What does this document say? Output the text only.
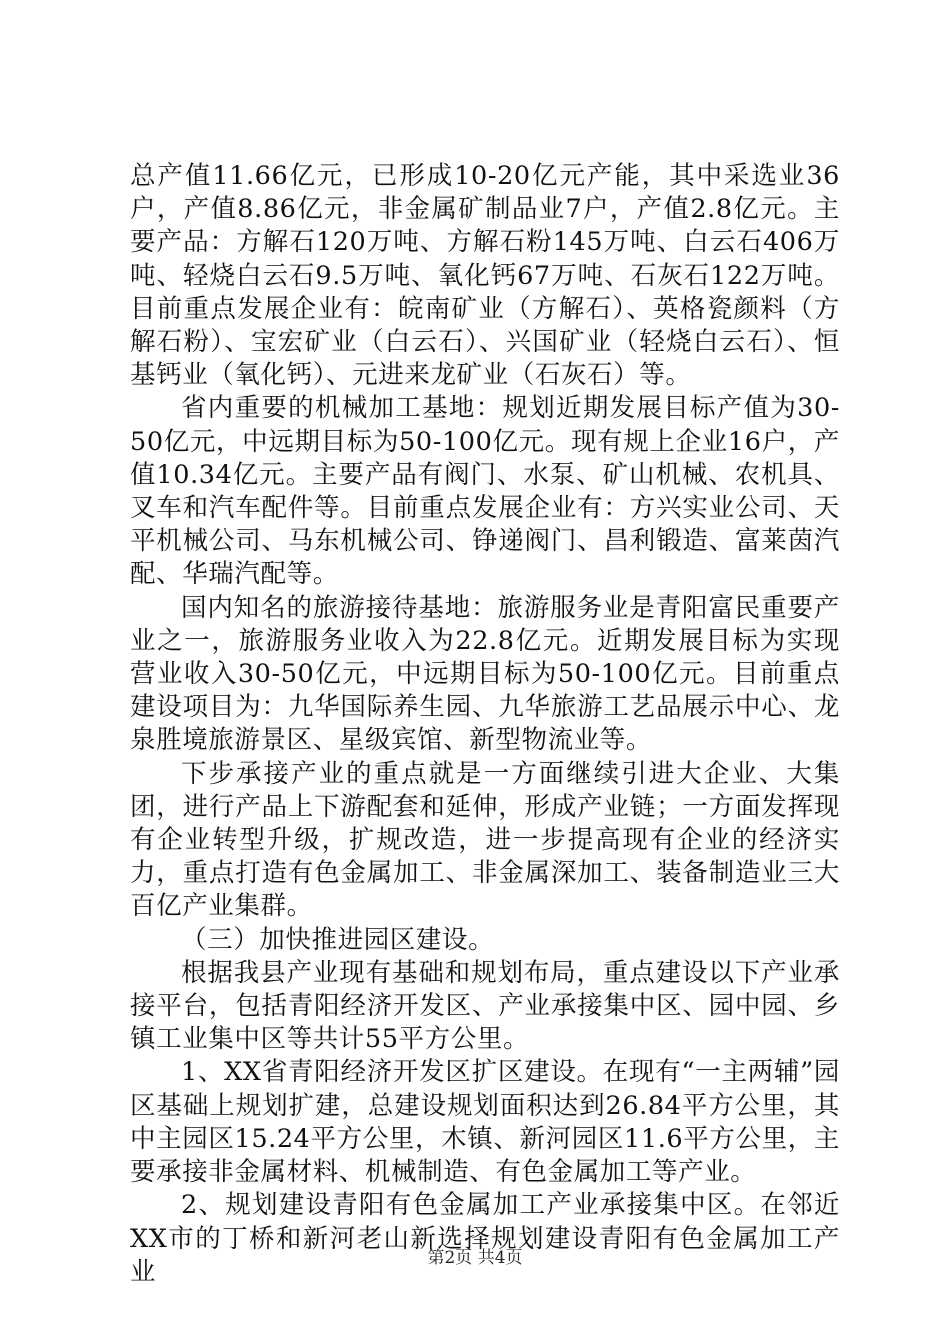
总产值11.66亿元，已形成10-20亿元产能，其中采选业36户，产值8.86亿元，非金属矿制品业7户，产值2.8亿元。主要产品：方解石120万吨、方解石粉145万吨、白云石406万吨、轻烧白云石9.5万吨、氧化钙67万吨、石灰石122万吨。目前重点发展企业有：皖南矿业（方解石）、英格瓷颜料（方解石粉）、宝宏矿业（白云石）、兴国矿业（轻烧白云石）、恒基钙业（氧化钙）、元进来龙矿业（石灰石）等。

省内重要的机械加工基地：规划近期发展目标产值为30-50亿元，中远期目标为50-100亿元。现有规上企业16户，产值10.34亿元。主要产品有阀门、水泵、矿山机械、农机具、叉车和汽车配件等。目前重点发展企业有：方兴实业公司、天平机械公司、马东机械公司、铮递阀门、昌利锻造、富莱茵汽配、华瑞汽配等。

国内知名的旅游接待基地：旅游服务业是青阳富民重要产业之一，旅游服务业收入为22.8亿元。近期发展目标为实现营业收入30-50亿元，中远期目标为50-100亿元。目前重点建设项目为：九华国际养生园、九华旅游工艺品展示中心、龙泉胜境旅游景区、星级宾馆、新型物流业等。

下步承接产业的重点就是一方面继续引进大企业、大集团，进行产品上下游配套和延伸，形成产业链；一方面发挥现有企业转型升级，扩规改造，进一步提高现有企业的经济实力，重点打造有色金属加工、非金属深加工、装备制造业三大百亿产业集群。

（三）加快推进园区建设。

根据我县产业现有基础和规划布局，重点建设以下产业承接平台，包括青阳经济开发区、产业承接集中区、园中园、乡镇工业集中区等共计55平方公里。

1、XX省青阳经济开发区扩区建设。在现有“一主两辅”园区基础上规划扩建，总建设规划面积达到26.84平方公里，其中主园区15.24平方公里，木镇、新河园区11.6平方公里，主要承接非金属材料、机械制造、有色金属加工等产业。

2、规划建设青阳有色金属加工产业承接集中区。在邻近XX市的丁桥和新河老山新选择规划建设青阳有色金属加工产业	第2页 共4页
